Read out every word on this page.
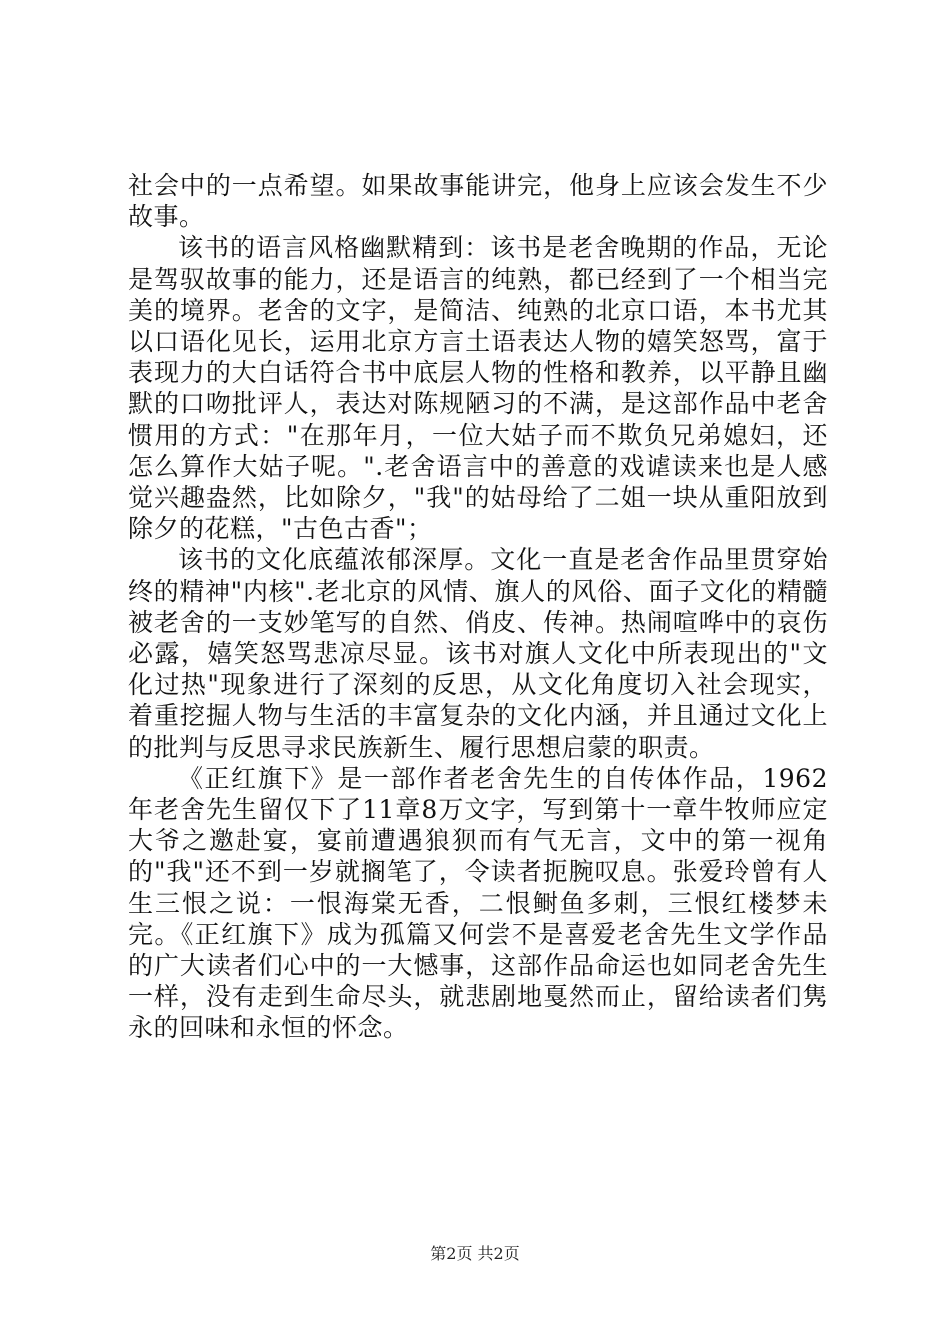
社会中的一点希望。如果故事能讲完，他身上应该会发生不少故事。

该书的语言风格幽默精到：该书是老舍晚期的作品，无论是驾驭故事的能力，还是语言的纯熟，都已经到了一个相当完美的境界。老舍的文字，是简洁、纯熟的北京口语，本书尤其以口语化见长，运用北京方言土语表达人物的嬉笑怒骂，富于表现力的大白话符合书中底层人物的性格和教养，以平静且幽默的口吻批评人，表达对陈规陋习的不满，是这部作品中老舍惯用的方式："在那年月，一位大姑子而不欺负兄弟媳妇，还怎么算作大姑子呢。".老舍语言中的善意的戏谑读来也是人感觉兴趣盎然，比如除夕，"我"的姑母给了二姐一块从重阳放到除夕的花糕，"古色古香"；

该书的文化底蕴浓郁深厚。文化一直是老舍作品里贯穿始终的精神"内核".老北京的风情、旗人的风俗、面子文化的精髓被老舍的一支妙笔写的自然、俏皮、传神。热闹喧哗中的哀伤必露，嬉笑怒骂悲凉尽显。该书对旗人文化中所表现出的"文化过热"现象进行了深刻的反思，从文化角度切入社会现实，着重挖掘人物与生活的丰富复杂的文化内涵，并且通过文化上的批判与反思寻求民族新生、履行思想启蒙的职责。

《正红旗下》是一部作者老舍先生的自传体作品，1962年老舍先生留仅下了11章8万文字，写到第十一章牛牧师应定大爷之邀赴宴，宴前遭遇狼狈而有气无言，文中的第一视角的"我"还不到一岁就搁笔了，令读者扼腕叹息。张爱玲曾有人生三恨之说：一恨海棠无香，二恨鲥鱼多刺，三恨红楼梦未完。《正红旗下》成为孤篇又何尝不是喜爱老舍先生文学作品的广大读者们心中的一大憾事，这部作品命运也如同老舍先生一样，没有走到生命尽头，就悲剧地戛然而止，留给读者们隽永的回味和永恒的怀念。

第2页 共2页
